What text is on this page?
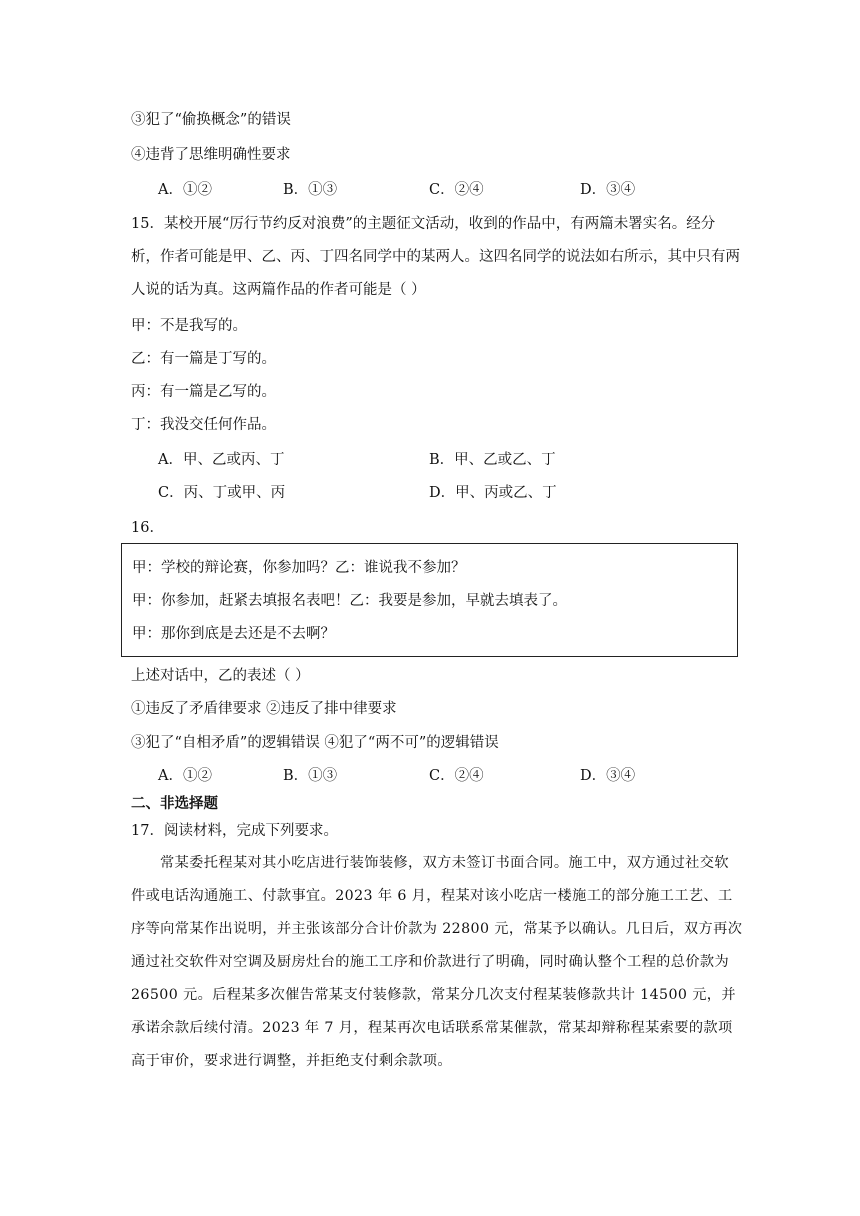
③犯了“偷换概念”的错误
④违背了思维明确性要求
A．①②	B．①③	C．②④	D．③④
15．某校开展“厉行节约反对浪费”的主题征文活动，收到的作品中，有两篇未署实名。经分析，作者可能是甲、乙、丙、丁四名同学中的某两人。这四名同学的说法如右所示，其中只有两人说的话为真。这两篇作品的作者可能是（ ）
甲：不是我写的。
乙：有一篇是丁写的。
丙：有一篇是乙写的。
丁：我没交任何作品。
A．甲、乙或丙、丁	B．甲、乙或乙、丁
C．丙、丁或甲、丙	D．甲、丙或乙、丁
16．
甲：学校的辩论赛，你参加吗？乙：谁说我不参加？
甲：你参加，赶紧去填报名表吧！乙：我要是参加，早就去填表了。
甲：那你到底是去还是不去啊？
上述对话中，乙的表述（ ）
①违反了矛盾律要求 ②违反了排中律要求
③犯了“自相矛盾”的逻辑错误 ④犯了“两不可”的逻辑错误
A．①②	B．①③	C．②④	D．③④
二、非选择题
17．阅读材料，完成下列要求。
常某委托程某对其小吃店进行装饰装修，双方未签订书面合同。施工中，双方通过社交软件或电话沟通施工、付款事宜。2023 年 6 月，程某对该小吃店一楼施工的部分施工工艺、工序等向常某作出说明，并主张该部分合计价款为 22800 元，常某予以确认。几日后，双方再次通过社交软件对空调及厨房灶台的施工工序和价款进行了明确，同时确认整个工程的总价款为 26500 元。后程某多次催告常某支付装修款，常某分几次支付程某装修款共计 14500 元，并承诺余款后续付清。2023 年 7 月，程某再次电话联系常某催款，常某却辩称程某索要的款项高于审价，要求进行调整，并拒绝支付剩余款项。
